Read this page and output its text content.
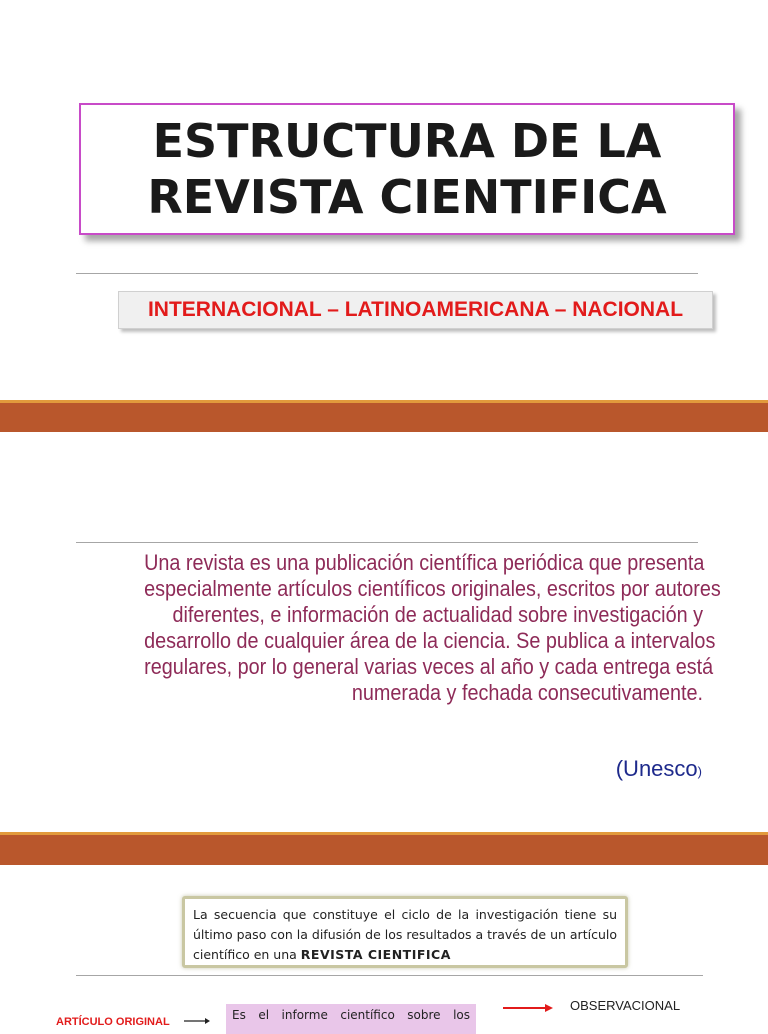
ESTRUCTURA DE LA
REVISTA CIENTIFICA
INTERNACIONAL – LATINOAMERICANA – NACIONAL
Una revista es una publicación científica periódica que presenta
especialmente artículos científicos originales, escritos por autores
diferentes, e información de actualidad sobre investigación y
desarrollo de cualquier área de la ciencia. Se publica a intervalos
regulares, por lo general varias veces al año y cada entrega está
numerada y fechada consecutivamente.
(Unesco)
La secuencia que constituye el ciclo de la investigación tiene su último paso con la difusión de los resultados a través de un artículo científico en una REVISTA CIENTIFICA
ARTÍCULO ORIGINAL	Es el informe científico sobre los
OBSERVACIONAL
